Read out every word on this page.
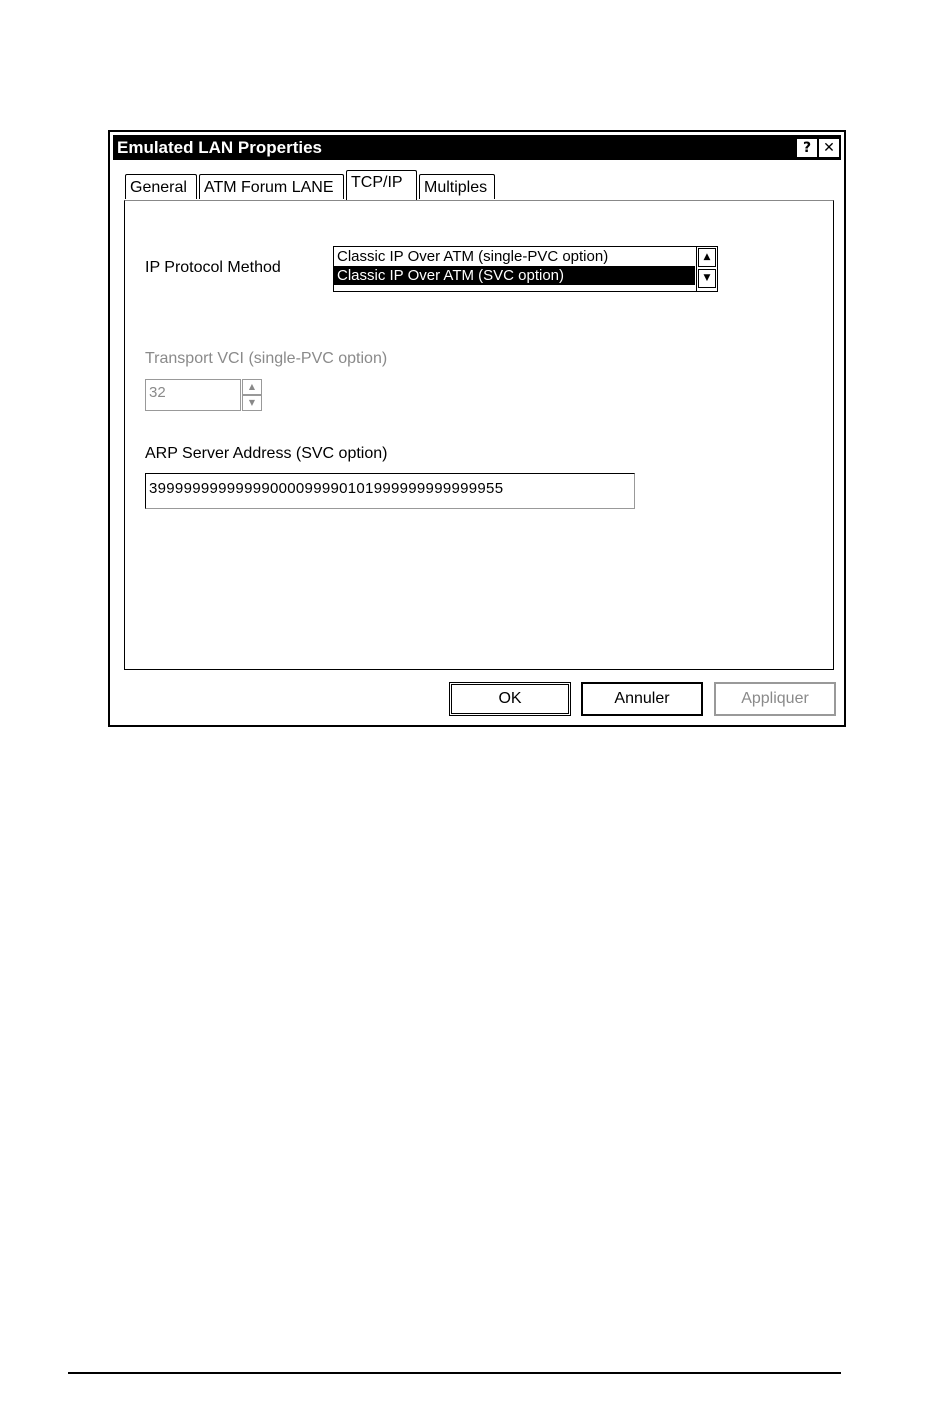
Emulated LAN Properties	? ✕
General	ATM Forum LANE	TCP/IP	Multiples
IP Protocol Method
Classic IP Over ATM (single-PVC option)
Classic IP Over ATM (SVC option)
▲
▼
Transport VCI (single-PVC option)
32	▲
▼
ARP Server Address (SVC option)
39999999999999000099990101999999999999955
OK	Annuler	Appliquer
